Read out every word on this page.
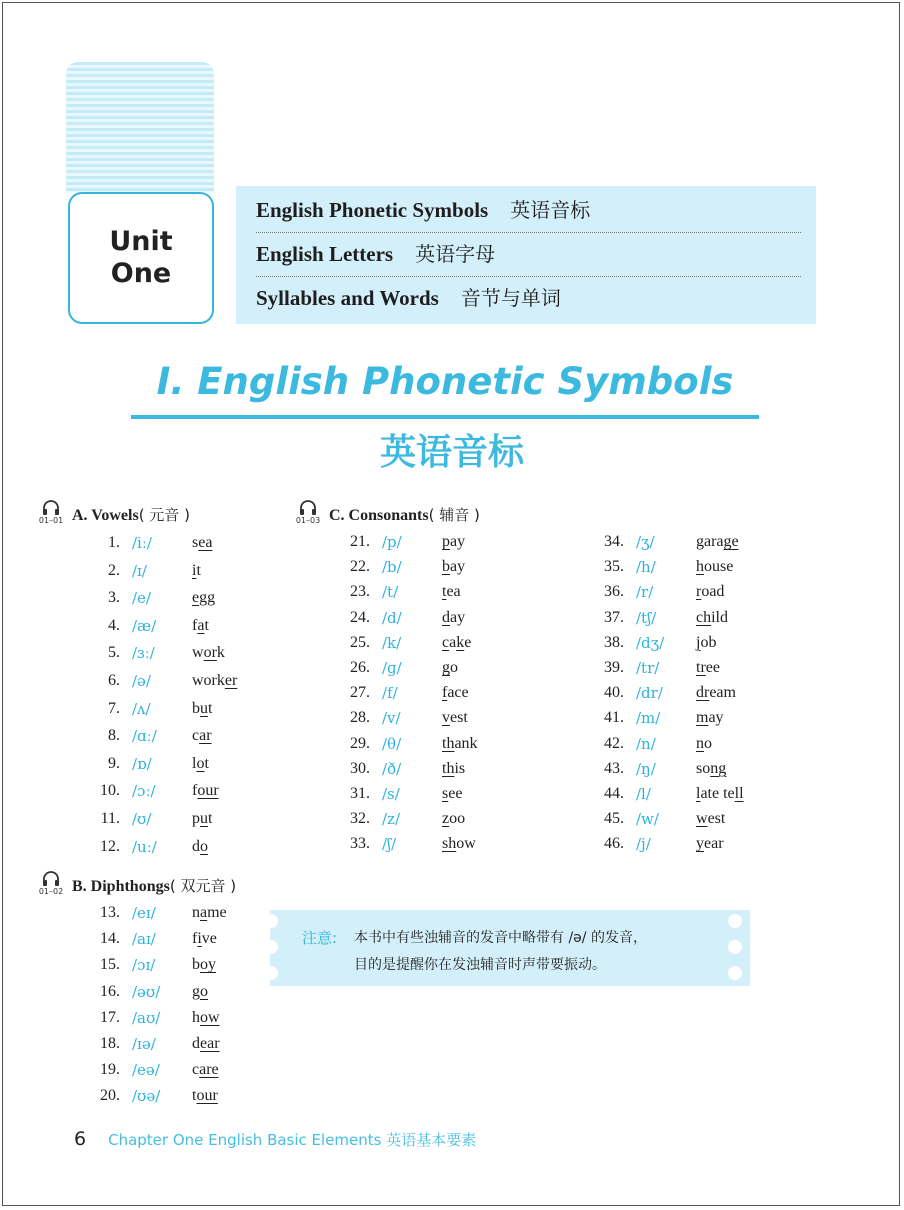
Unit
One
English Phonetic Symbols 英语音标
English Letters 英语字母
Syllables and Words 音节与单词
I. English Phonetic Symbols
英语音标
01–01 A. Vowels( 元音 )	01–03 C. Consonants( 辅音 )
01–02 B. Diphthongs( 双元音 )
1. /iː/	sea
2. /ɪ/	it
3. /e/	egg
4. /æ/ fat
5. /ɜː/ work
6. /ə/	worker
7. /ʌ/	but
8. /ɑː/ car
9. /ɒ/	lot
10. /ɔː/ four
11. /ʊ/	put
12. /uː/ do
13. /eɪ/ name
14. /aɪ/ five
15. /ɔɪ/ boy
16. /əʊ/ go
17. /aʊ/ how
18. /ɪə/ dear
19. /eə/ care
20. /ʊə/ tour
21. /p/	pay
22. /b/	bay
23. /t/	tea
24. /d/	day
25. /k/	cake
26. /ɡ/	go
27. /f/	face
28. /v/	vest
29. /θ/	thank
30. /ð/	this
31. /s/	see
32. /z/	zoo
33. /ʃ/	show
34. /ʒ/	garage
35. /h/	house
36. /r/	road
37. /tʃ/ child
38. /dʒ/ job
39. /tr/ tree
40. /dr/ dream
41. /m/ may
42. /n/	no
43. /ŋ/	song
44. /l/	late tell
45. /w/ west
46. /j/	year
注意: 本书中有些浊辅音的发音中略带有 /ə/ 的发音，
目的是提醒你在发浊辅音时声带要振动。
6 Chapter One English Basic Elements 英语基本要素
